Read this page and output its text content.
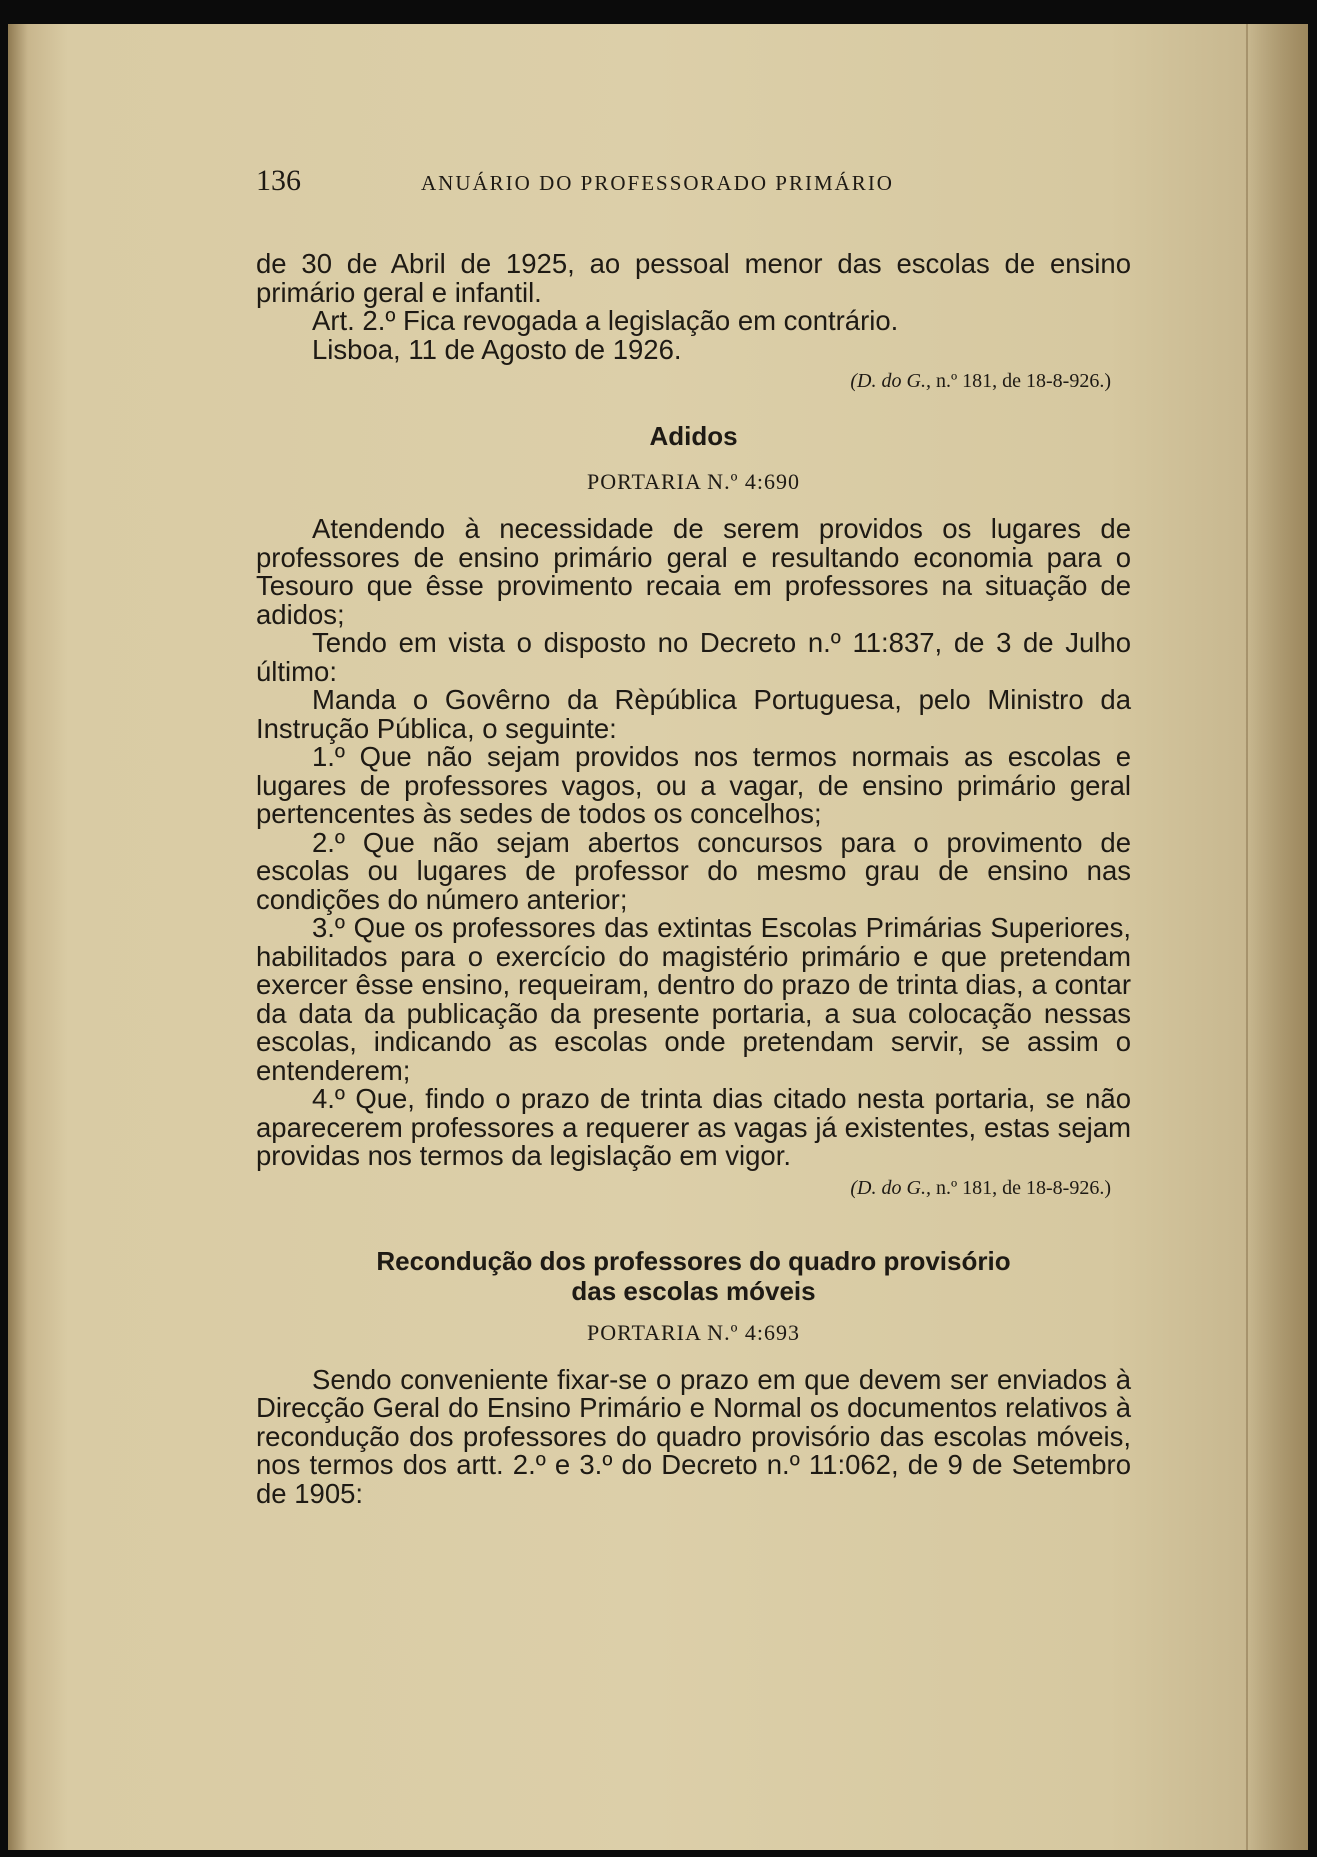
136	ANUÁRIO DO PROFESSORADO PRIMÁRIO

de 30 de Abril de 1925, ao pessoal menor das escolas de ensino primário geral e infantil.

Art. 2.º Fica revogada a legislação em contrário.

Lisboa, 11 de Agosto de 1926.

(D. do G., n.º 181, de 18-8-926.)
Adidos
PORTARIA N.º 4:690

Atendendo à necessidade de serem providos os lugares de professores de ensino primário geral e resultando economia para o Tesouro que êsse provimento recaia em professores na situação de adidos;

Tendo em vista o disposto no Decreto n.º 11:837, de 3 de Julho último:

Manda o Govêrno da Rèpública Portuguesa, pelo Ministro da Instrução Pública, o seguinte:

1.º Que não sejam providos nos termos normais as escolas e lugares de professores vagos, ou a vagar, de ensino primário geral pertencentes às sedes de todos os concelhos;

2.º Que não sejam abertos concursos para o provimento de escolas ou lugares de professor do mesmo grau de ensino nas condições do número anterior;

3.º Que os professores das extintas Escolas Primárias Superiores, habilitados para o exercício do magistério primário e que pretendam exercer êsse ensino, requeiram, dentro do prazo de trinta dias, a contar da data da publicação da presente portaria, a sua colocação nessas escolas, indicando as escolas onde pretendam servir, se assim o entenderem;

4.º Que, findo o prazo de trinta dias citado nesta portaria, se não aparecerem professores a requerer as vagas já existentes, estas sejam providas nos termos da legislação em vigor.

(D. do G., n.º 181, de 18-8-926.)
Recondução dos professores do quadro provisório
das escolas móveis
PORTARIA N.º 4:693

Sendo conveniente fixar-se o prazo em que devem ser enviados à Direcção Geral do Ensino Primário e Normal os documentos relativos à recondução dos professores do quadro provisório das escolas móveis, nos termos dos artt. 2.º e 3.º do Decreto n.º 11:062, de 9 de Setembro de 1905:
